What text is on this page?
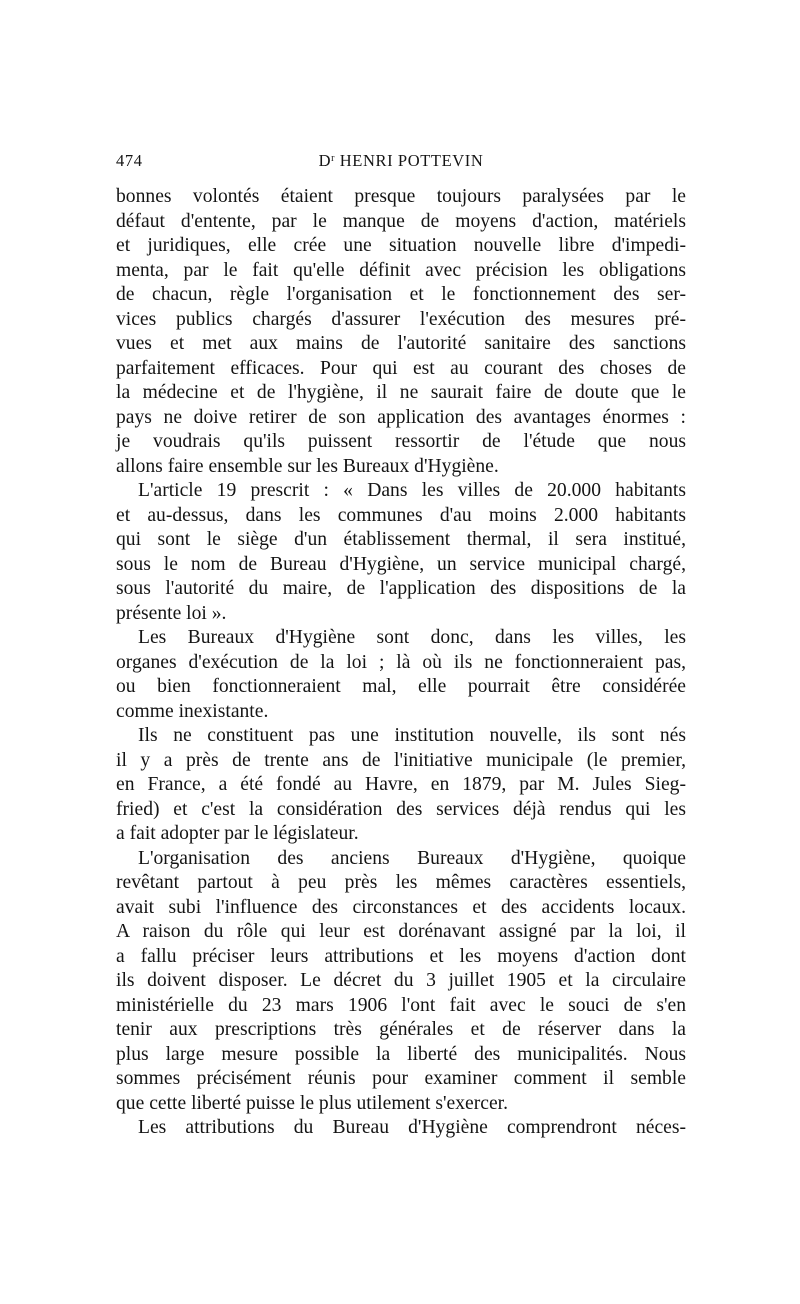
474	$D^r$ HENRI POTTEVIN
bonnes volontés étaient presque toujours paralysées par le
défaut d'entente, par le manque de moyens d'action, matériels
et juridiques, elle crée une situation nouvelle libre d'impedi-
menta, par le fait qu'elle définit avec précision les obligations
de chacun, règle l'organisation et le fonctionnement des ser-
vices publics chargés d'assurer l'exécution des mesures pré-
vues et met aux mains de l'autorité sanitaire des sanctions
parfaitement efficaces. Pour qui est au courant des choses de
la médecine et de l'hygiène, il ne saurait faire de doute que le
pays ne doive retirer de son application des avantages énormes :
je voudrais qu'ils puissent ressortir de l'étude que nous
allons faire ensemble sur les Bureaux d'Hygiène.
L'article 19 prescrit : « Dans les villes de 20.000 habitants
et au-dessus, dans les communes d'au moins 2.000 habitants
qui sont le siège d'un établissement thermal, il sera institué,
sous le nom de Bureau d'Hygiène, un service municipal chargé,
sous l'autorité du maire, de l'application des dispositions de la
présente loi ».
Les Bureaux d'Hygiène sont donc, dans les villes, les
organes d'exécution de la loi ; là où ils ne fonctionneraient pas,
ou bien fonctionneraient mal, elle pourrait être considérée
comme inexistante.
Ils ne constituent pas une institution nouvelle, ils sont nés
il y a près de trente ans de l'initiative municipale (le premier,
en France, a été fondé au Havre, en 1879, par M. Jules Sieg-
fried) et c'est la considération des services déjà rendus qui les
a fait adopter par le législateur.
L'organisation des anciens Bureaux d'Hygiène, quoique
revêtant partout à peu près les mêmes caractères essentiels,
avait subi l'influence des circonstances et des accidents locaux.
A raison du rôle qui leur est dorénavant assigné par la loi, il
a fallu préciser leurs attributions et les moyens d'action dont
ils doivent disposer. Le décret du 3 juillet 1905 et la circulaire
ministérielle du 23 mars 1906 l'ont fait avec le souci de s'en
tenir aux prescriptions très générales et de réserver dans la
plus large mesure possible la liberté des municipalités. Nous
sommes précisément réunis pour examiner comment il semble
que cette liberté puisse le plus utilement s'exercer.
Les attributions du Bureau d'Hygiène comprendront néces-
